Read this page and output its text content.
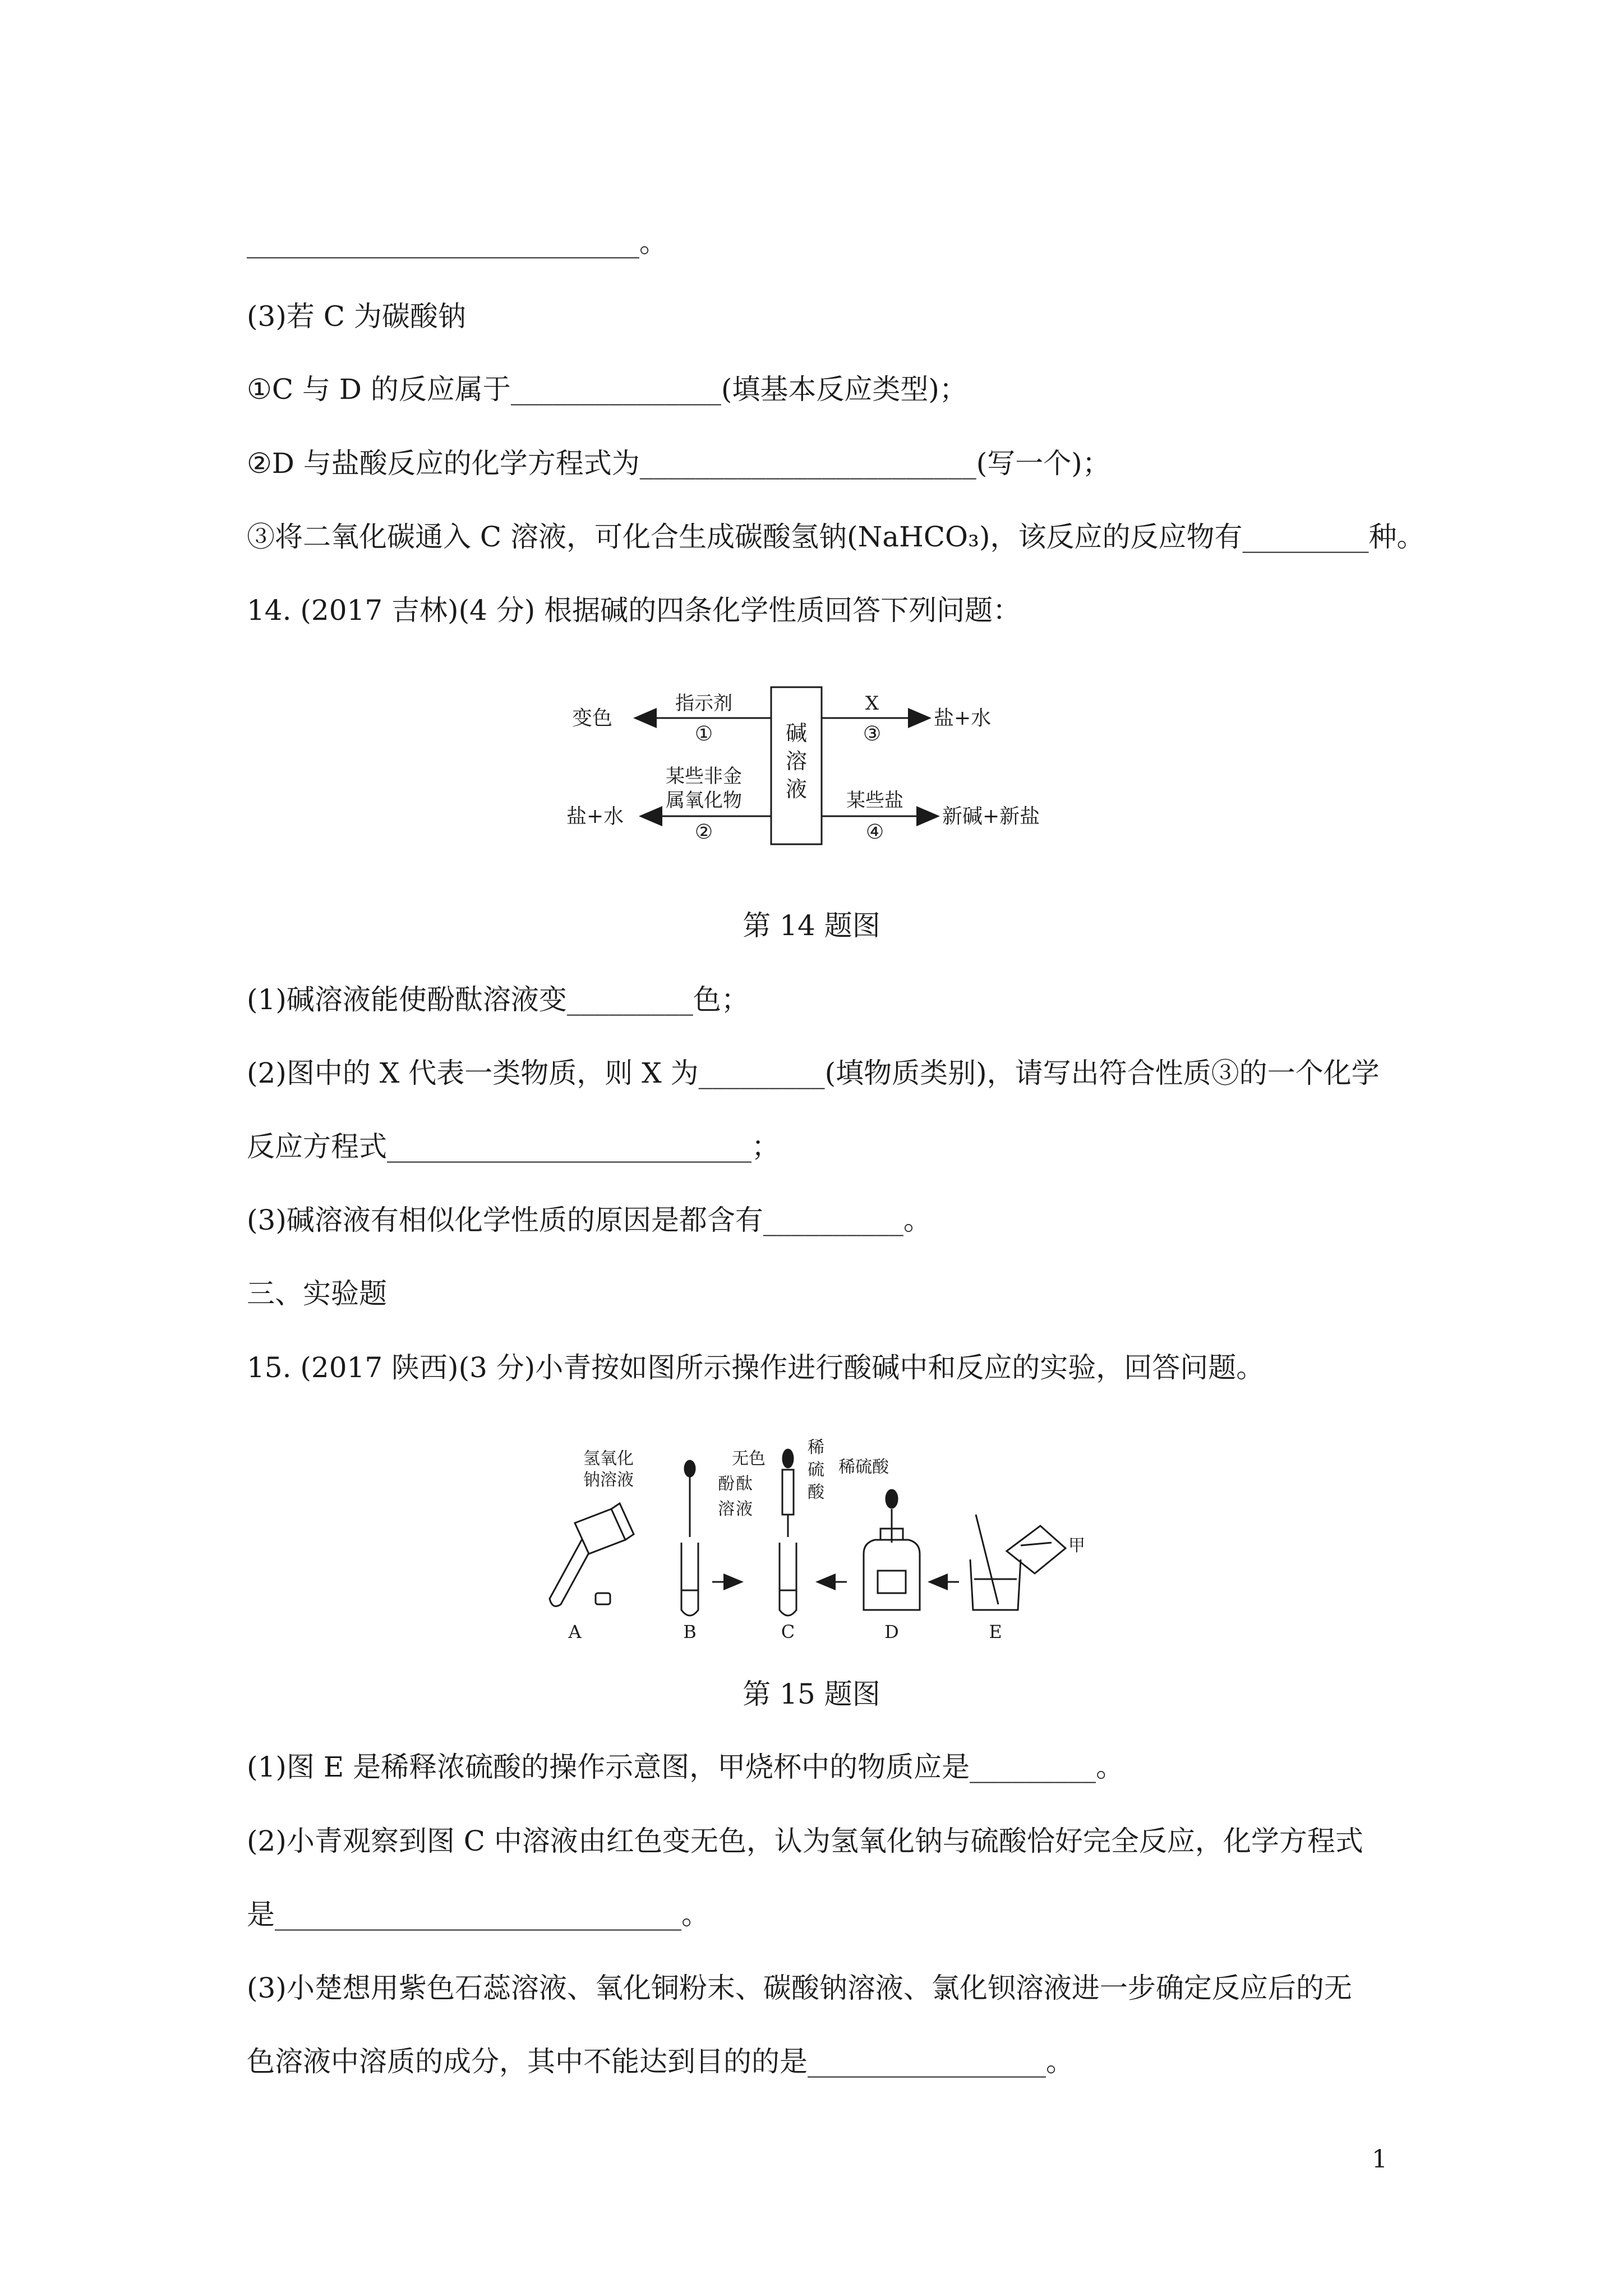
____________________________。
(3)若 C 为碳酸钠
①C 与 D 的反应属于_______________(填基本反应类型)；
②D 与盐酸反应的化学方程式为________________________(写一个)；
③将二氧化碳通入 C 溶液，可化合生成碳酸氢钠(NaHCO₃)，该反应的反应物有_________种。
14. (2017 吉林)(4 分) 根据碱的四条化学性质回答下列问题：
碱
溶
液
变色
指示剂
①
某些非金
属氧化物
②
盐+水
X
③
盐+水
某些盐
④
新碱+新盐
第 14 题图
(1)碱溶液能使酚酞溶液变_________色；
(2)图中的 X 代表一类物质，则 X 为_________(填物质类别)，请写出符合性质③的一个化学
反应方程式__________________________；
(3)碱溶液有相似化学性质的原因是都含有__________。
三、实验题
15. (2017 陕西)(3 分)小青按如图所示操作进行酸碱中和反应的实验，回答问题。
氢氧化
钠溶液
无 色
酚 酞
溶 液
稀
硫
酸
稀硫酸
甲
A	B	C	D	E
第 15 题图
(1)图 E 是稀释浓硫酸的操作示意图，甲烧杯中的物质应是_________。
(2)小青观察到图 C 中溶液由红色变无色，认为氢氧化钠与硫酸恰好完全反应，化学方程式
是_____________________________。
(3)小楚想用紫色石蕊溶液、氧化铜粉末、碳酸钠溶液、氯化钡溶液进一步确定反应后的无
色溶液中溶质的成分，其中不能达到目的的是_________________。
1
